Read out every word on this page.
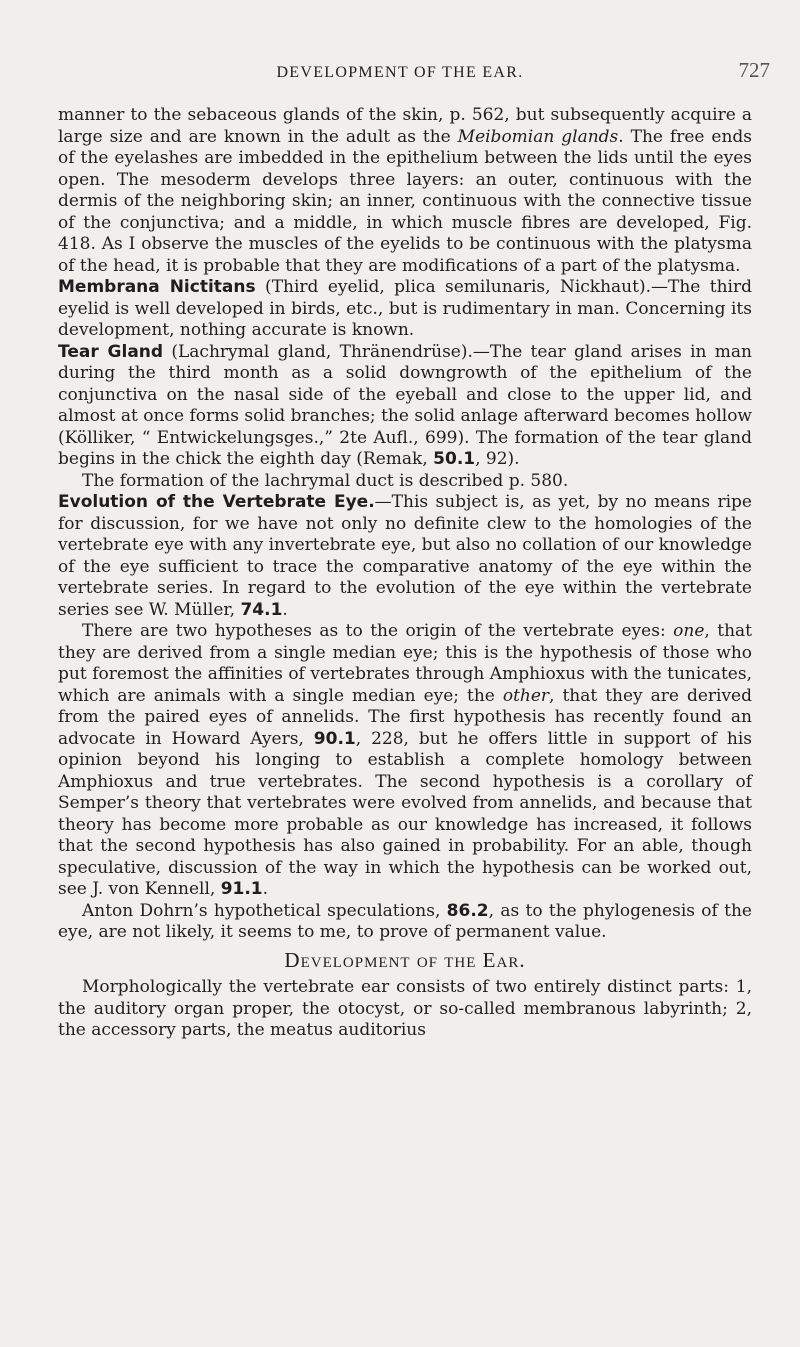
DEVELOPMENT OF THE EAR.	727

manner to the sebaceous glands of the skin, p. 562, but subsequently acquire a large size and are known in the adult as the Meibomian glands. The free ends of the eyelashes are imbedded in the epithelium between the lids until the eyes open. The mesoderm develops three layers: an outer, continuous with the dermis of the neighboring skin; an inner, continuous with the connective tissue of the conjunctiva; and a middle, in which muscle fibres are developed, Fig. 418. As I observe the muscles of the eyelids to be continuous with the platysma of the head, it is probable that they are modifications of a part of the platysma.

Membrana Nictitans (Third eyelid, plica semilunaris, Nickhaut).—The third eyelid is well developed in birds, etc., but is rudimentary in man. Concerning its development, nothing accurate is known.

Tear Gland (Lachrymal gland, Thränendrüse).—The tear gland arises in man during the third month as a solid downgrowth of the epithelium of the conjunctiva on the nasal side of the eyeball and close to the upper lid, and almost at once forms solid branches; the solid anlage afterward becomes hollow (Kölliker, “ Entwickelungsges.,” 2te Aufl., 699). The formation of the tear gland begins in the chick the eighth day (Remak, 50.1, 92).

The formation of the lachrymal duct is described p. 580.

Evolution of the Vertebrate Eye.—This subject is, as yet, by no means ripe for discussion, for we have not only no definite clew to the homologies of the vertebrate eye with any invertebrate eye, but also no collation of our knowledge of the eye sufficient to trace the comparative anatomy of the eye within the vertebrate series. In regard to the evolution of the eye within the vertebrate series see W. Müller, 74.1.

There are two hypotheses as to the origin of the vertebrate eyes: one, that they are derived from a single median eye; this is the hypothesis of those who put foremost the affinities of vertebrates through Amphioxus with the tunicates, which are animals with a single median eye; the other, that they are derived from the paired eyes of annelids. The first hypothesis has recently found an advocate in Howard Ayers, 90.1, 228, but he offers little in support of his opinion beyond his longing to establish a complete homology between Amphioxus and true vertebrates. The second hypothesis is a corollary of Semper’s theory that vertebrates were evolved from annelids, and because that theory has become more probable as our knowledge has increased, it follows that the second hypothesis has also gained in probability. For an able, though speculative, discussion of the way in which the hypothesis can be worked out, see J. von Kennell, 91.1.

Anton Dohrn’s hypothetical speculations, 86.2, as to the phylogenesis of the eye, are not likely, it seems to me, to prove of permanent value.

Development of the Ear.

Morphologically the vertebrate ear consists of two entirely distinct parts: 1, the auditory organ proper, the otocyst, or so-called membranous labyrinth; 2, the accessory parts, the meatus auditorius
